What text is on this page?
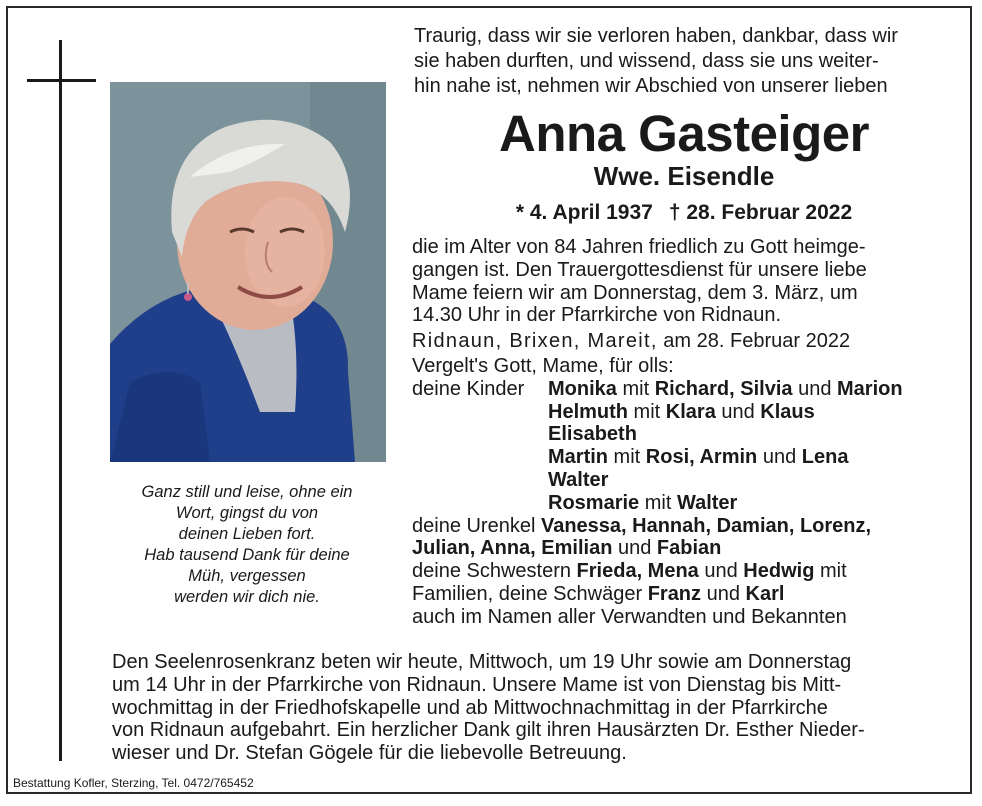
Ganz still und leise, ohne ein
Wort, gingst du von
deinen Lieben fort.
Hab tausend Dank für deine
Müh, vergessen
werden wir dich nie.
Traurig, dass wir sie verloren haben, dankbar, dass wir
sie haben durften, und wissend, dass sie uns weiter-
hin nahe ist, nehmen wir Abschied von unserer lieben
Anna Gasteiger
Wwe. Eisendle
* 4. April 1937 † 28. Februar 2022
die im Alter von 84 Jahren friedlich zu Gott heimge-
gangen ist. Den Trauergottesdienst für unsere liebe
Mame feiern wir am Donnerstag, dem 3. März, um
14.30 Uhr in der Pfarrkirche von Ridnaun.
Ridnaun, Brixen, Mareit, am 28. Februar 2022
Vergelt's Gott, Mame, für olls:
deine Kinder Monika mit Richard, Silvia und Marion
Helmuth mit Klara und Klaus
Elisabeth
Martin mit Rosi, Armin und Lena
Walter
Rosmarie mit Walter
deine Urenkel Vanessa, Hannah, Damian, Lorenz,
Julian, Anna, Emilian und Fabian
deine Schwestern Frieda, Mena und Hedwig mit
Familien, deine Schwäger Franz und Karl
auch im Namen aller Verwandten und Bekannten
Den Seelenrosenkranz beten wir heute, Mittwoch, um 19 Uhr sowie am Donnerstag
um 14 Uhr in der Pfarrkirche von Ridnaun. Unsere Mame ist von Dienstag bis Mitt-
wochmittag in der Friedhofskapelle und ab Mittwochnachmittag in der Pfarrkirche
von Ridnaun aufgebahrt. Ein herzlicher Dank gilt ihren Hausärzten Dr. Esther Nieder-
wieser und Dr. Stefan Gögele für die liebevolle Betreuung.
Bestattung Kofler, Sterzing, Tel. 0472/765452
